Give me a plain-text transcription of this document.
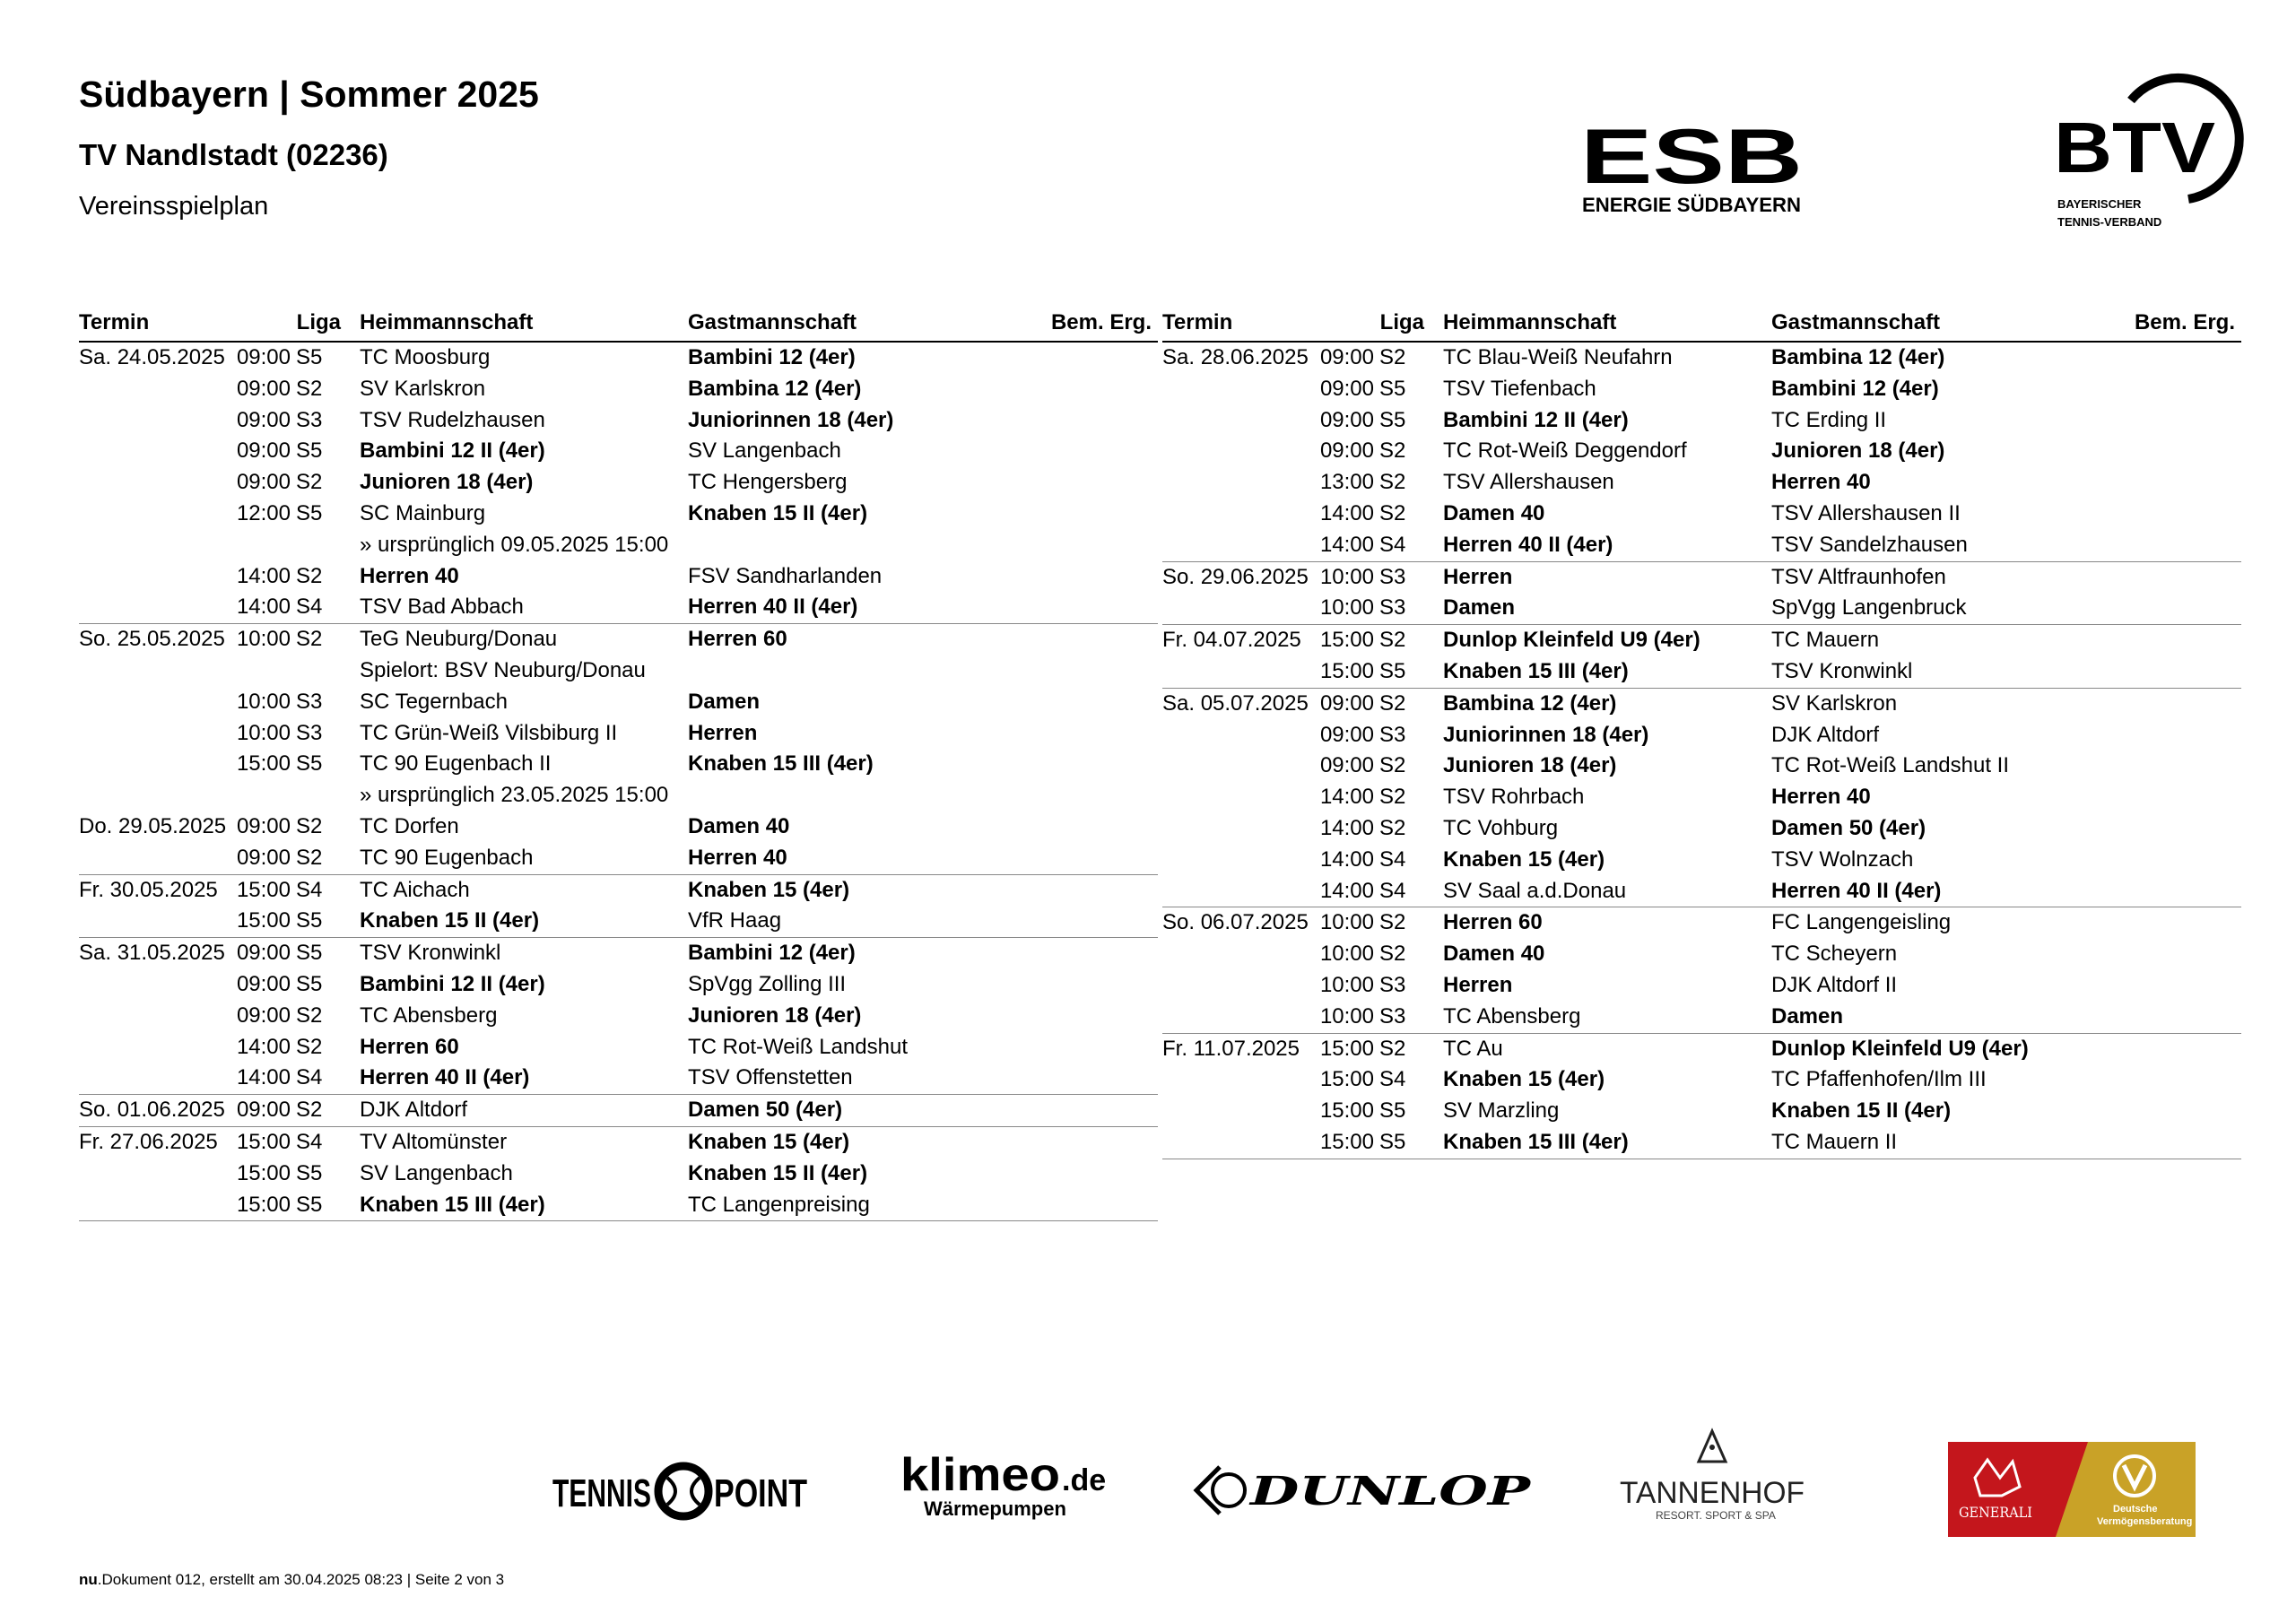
Südbayern | Sommer 2025
TV Nandlstadt (02236)
Vereinsspielplan
ESB
ENERGIE SÜDBAYERN
BTV
BAYERISCHER
TENNIS-VERBAND
Termin	Liga Heimmannschaft	Gastmannschaft	Bem. Erg.
Sa. 24.05.2025 09:00 S5	TC Moosburg	Bambini 12 (4er)
09:00 S2	SV Karlskron	Bambina 12 (4er)
09:00 S3	TSV Rudelzhausen	Juniorinnen 18 (4er)
09:00 S5	Bambini 12 II (4er)	SV Langenbach
09:00 S2	Junioren 18 (4er)	TC Hengersberg
12:00 S5	SC Mainburg	Knaben 15 II (4er)
» ursprünglich 09.05.2025 15:00
14:00 S2	Herren 40	FSV Sandharlanden
14:00 S4	TSV Bad Abbach	Herren 40 II (4er)
So. 25.05.2025 10:00 S2	TeG Neuburg/Donau	Herren 60
Spielort: BSV Neuburg/Donau
10:00 S3	SC Tegernbach	Damen
10:00 S3	TC Grün-Weiß Vilsbiburg II	Herren
15:00 S5	TC 90 Eugenbach II	Knaben 15 III (4er)
» ursprünglich 23.05.2025 15:00
Do. 29.05.2025 09:00 S2	TC Dorfen	Damen 40
09:00 S2	TC 90 Eugenbach	Herren 40
Fr. 30.05.2025 15:00 S4	TC Aichach	Knaben 15 (4er)
15:00 S5	Knaben 15 II (4er)	VfR Haag
Sa. 31.05.2025 09:00 S5	TSV Kronwinkl	Bambini 12 (4er)
09:00 S5	Bambini 12 II (4er)	SpVgg Zolling III
09:00 S2	TC Abensberg	Junioren 18 (4er)
14:00 S2	Herren 60	TC Rot-Weiß Landshut
14:00 S4	Herren 40 II (4er)	TSV Offenstetten
So. 01.06.2025 09:00 S2	DJK Altdorf	Damen 50 (4er)
Fr. 27.06.2025 15:00 S4	TV Altomünster	Knaben 15 (4er)
15:00 S5	SV Langenbach	Knaben 15 II (4er)
15:00 S5	Knaben 15 III (4er)	TC Langenpreising
Termin	Liga Heimmannschaft	Gastmannschaft	Bem. Erg.
Sa. 28.06.2025 09:00 S2	TC Blau-Weiß Neufahrn	Bambina 12 (4er)
09:00 S5	TSV Tiefenbach	Bambini 12 (4er)
09:00 S5	Bambini 12 II (4er)	TC Erding II
09:00 S2	TC Rot-Weiß Deggendorf	Junioren 18 (4er)
13:00 S2	TSV Allershausen	Herren 40
14:00 S2	Damen 40	TSV Allershausen II
14:00 S4	Herren 40 II (4er)	TSV Sandelzhausen
So. 29.06.2025 10:00 S3	Herren	TSV Altfraunhofen
10:00 S3	Damen	SpVgg Langenbruck
Fr. 04.07.2025 15:00 S2	Dunlop Kleinfeld U9 (4er)	TC Mauern
15:00 S5	Knaben 15 III (4er)	TSV Kronwinkl
Sa. 05.07.2025 09:00 S2	Bambina 12 (4er)	SV Karlskron
09:00 S3	Juniorinnen 18 (4er)	DJK Altdorf
09:00 S2	Junioren 18 (4er)	TC Rot-Weiß Landshut II
14:00 S2	TSV Rohrbach	Herren 40
14:00 S2	TC Vohburg	Damen 50 (4er)
14:00 S4	Knaben 15 (4er)	TSV Wolnzach
14:00 S4	SV Saal a.d.Donau	Herren 40 II (4er)
So. 06.07.2025 10:00 S2	Herren 60	FC Langengeisling
10:00 S2	Damen 40	TC Scheyern
10:00 S3	Herren	DJK Altdorf II
10:00 S3	TC Abensberg	Damen
Fr. 11.07.2025 15:00 S2	TC Au	Dunlop Kleinfeld U9 (4er)
15:00 S4	Knaben 15 (4er)	TC Pfaffenhofen/Ilm III
15:00 S5	SV Marzling	Knaben 15 II (4er)
15:00 S5	Knaben 15 III (4er)	TC Mauern II
TENNIS POINT klimeo .de
Wärmepumpen	DUNLOP	TANNENHOF
RESORT. SPORT & SPA	GENERALI	Deutsche
Vermögensberatung
nu.Dokument 012, erstellt am 30.04.2025 08:23 | Seite 2 von 3
